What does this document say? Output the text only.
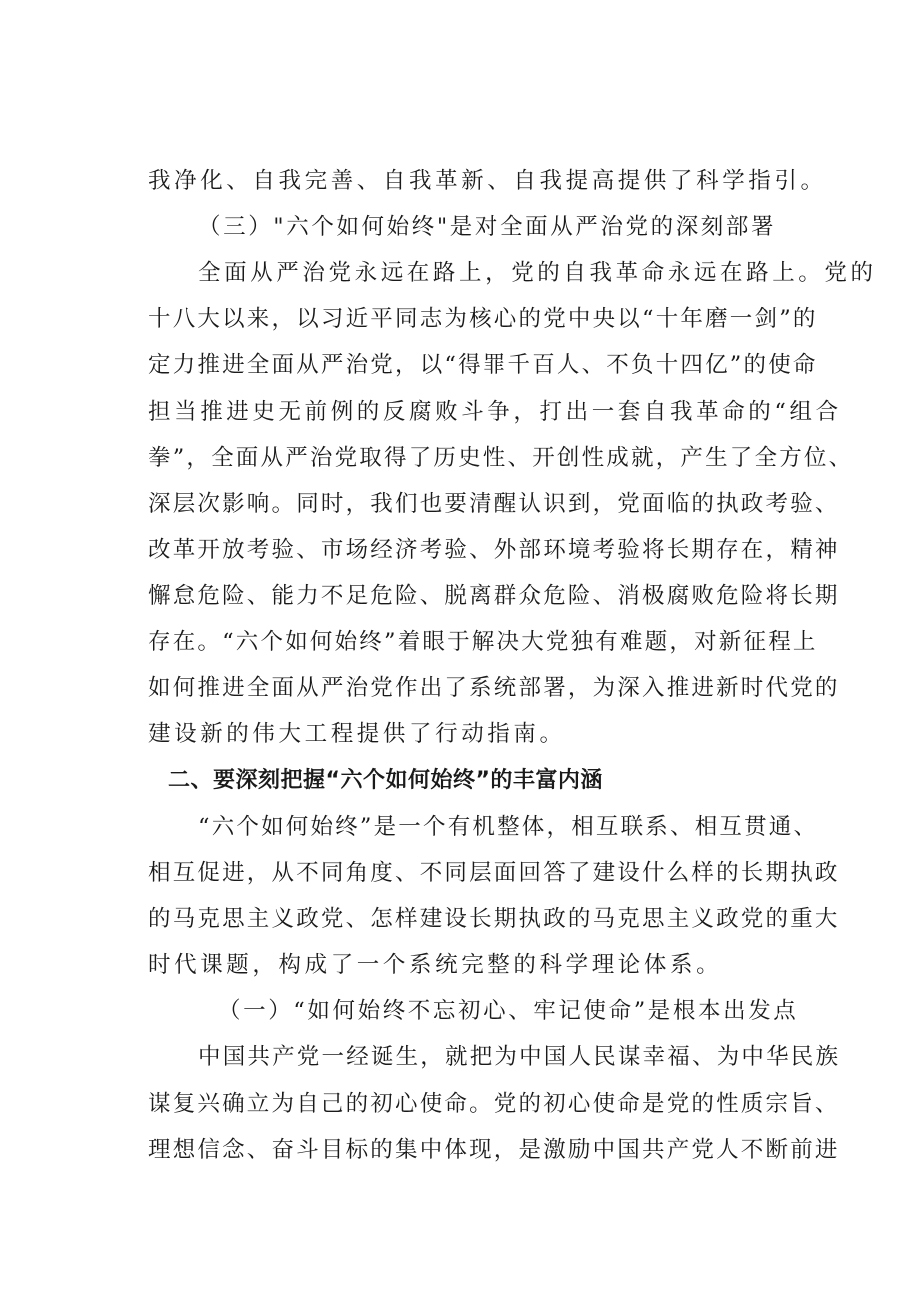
我净化、自我完善、自我革新、自我提高提供了科学指引。
（三）"六个如何始终"是对全面从严治党的深刻部署
全面从严治党永远在路上，党的自我革命永远在路上。党的
十八大以来，以习近平同志为核心的党中央以“十年磨一剑”的
定力推进全面从严治党，以“得罪千百人、不负十四亿”的使命
担当推进史无前例的反腐败斗争，打出一套自我革命的“组合
拳”，全面从严治党取得了历史性、开创性成就，产生了全方位、
深层次影响。同时，我们也要清醒认识到，党面临的执政考验、
改革开放考验、市场经济考验、外部环境考验将长期存在，精神
懈怠危险、能力不足危险、脱离群众危险、消极腐败危险将长期
存在。“六个如何始终”着眼于解决大党独有难题，对新征程上
如何推进全面从严治党作出了系统部署，为深入推进新时代党的
建设新的伟大工程提供了行动指南。
二、要深刻把握“六个如何始终”的丰富内涵
“六个如何始终”是一个有机整体，相互联系、相互贯通、
相互促进，从不同角度、不同层面回答了建设什么样的长期执政
的马克思主义政党、怎样建设长期执政的马克思主义政党的重大
时代课题，构成了一个系统完整的科学理论体系。
（一）“如何始终不忘初心、牢记使命”是根本出发点
中国共产党一经诞生，就把为中国人民谋幸福、为中华民族
谋复兴确立为自己的初心使命。党的初心使命是党的性质宗旨、
理想信念、奋斗目标的集中体现，是激励中国共产党人不断前进
